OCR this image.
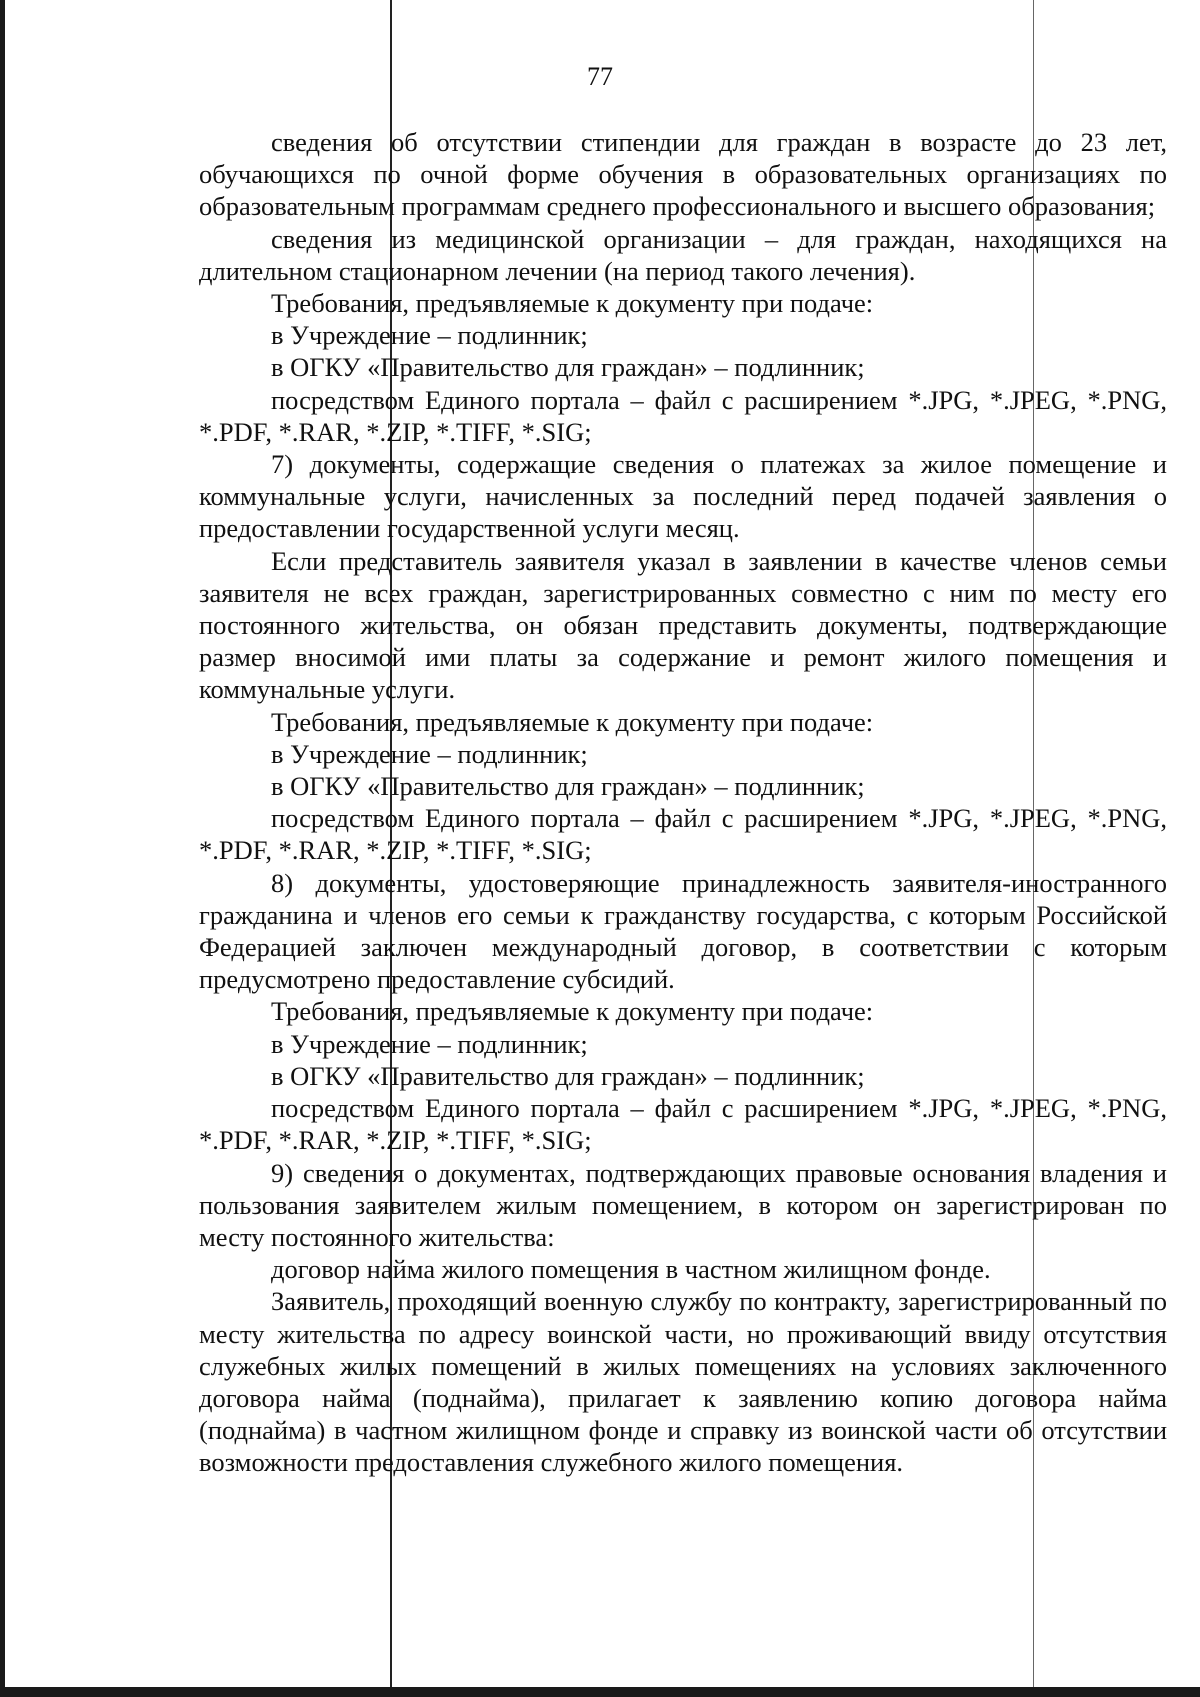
77

сведения об отсутствии стипендии для граждан в возрасте до 23 лет, обучающихся по очной форме обучения в образовательных организациях по образовательным программам среднего профессионального и высшего образования;

сведения из медицинской организации – для граждан, находящихся на длительном стационарном лечении (на период такого лечения).

Требования, предъявляемые к документу при подаче:

в Учреждение – подлинник;

в ОГКУ «Правительство для граждан» – подлинник;

посредством Единого портала – файл с расширением *.JPG, *.JPEG, *.PNG, *.PDF, *.RAR, *.ZIP, *.TIFF, *.SIG;

7) документы, содержащие сведения о платежах за жилое помещение и коммунальные услуги, начисленных за последний перед подачей заявления о предоставлении государственной услуги месяц.

Если представитель заявителя указал в заявлении в качестве членов семьи заявителя не всех граждан, зарегистрированных совместно с ним по месту его постоянного жительства, он обязан представить документы, подтверждающие размер вносимой ими платы за содержание и ремонт жилого помещения и коммунальные услуги.

Требования, предъявляемые к документу при подаче:

в Учреждение – подлинник;

в ОГКУ «Правительство для граждан» – подлинник;

посредством Единого портала – файл с расширением *.JPG, *.JPEG, *.PNG, *.PDF, *.RAR, *.ZIP, *.TIFF, *.SIG;

8) документы, удостоверяющие принадлежность заявителя-иностранного гражданина и членов его семьи к гражданству государства, с которым Российской Федерацией заключен международный договор, в соответствии с которым предусмотрено предоставление субсидий.

Требования, предъявляемые к документу при подаче:

в Учреждение – подлинник;

в ОГКУ «Правительство для граждан» – подлинник;

посредством Единого портала – файл с расширением *.JPG, *.JPEG, *.PNG, *.PDF, *.RAR, *.ZIP, *.TIFF, *.SIG;

9) сведения о документах, подтверждающих правовые основания владения и пользования заявителем жилым помещением, в котором он зарегистрирован по месту постоянного жительства:

договор найма жилого помещения в частном жилищном фонде.

Заявитель, проходящий военную службу по контракту, зарегистрированный по месту жительства по адресу воинской части, но проживающий ввиду отсутствия служебных жилых помещений в жилых помещениях на условиях заключенного договора найма (поднайма), прилагает к заявлению копию договора найма (поднайма) в частном жилищном фонде и справку из воинской части об отсутствии возможности предоставления служебного жилого помещения.
